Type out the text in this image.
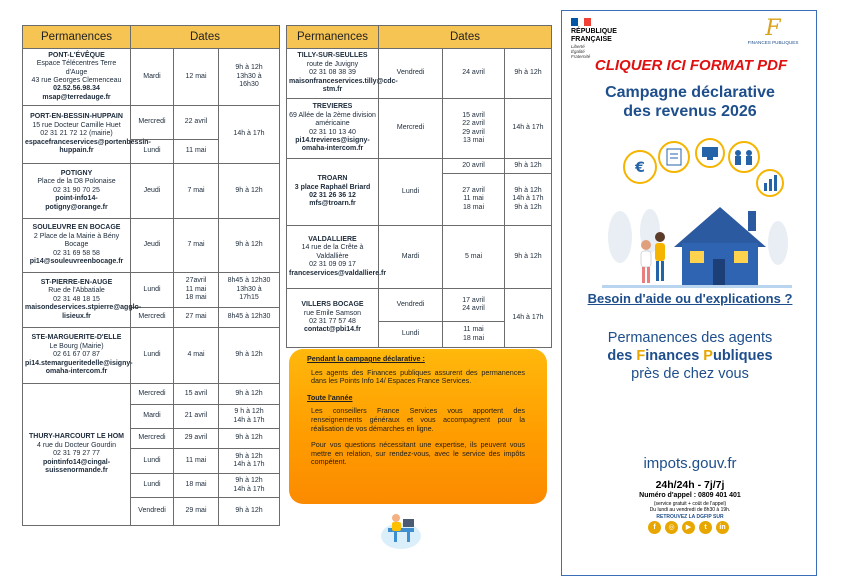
Permanences	Dates		

PONT-L'ÉVÊQUE
Espace Télécentres Terre d'Auge
43 rue Georges Clemenceau
02.52.56.98.34
msap@terredauge.fr	Mardi	12 mai	9h à 12h
13h30 à
16h30

PORT-EN-BESSIN-HUPPAIN
15 rue Docteur Camille Huet
02 31 21 72 12 (mairie)
espacefranceservices@portenbessin-huppain.fr	Mercredi	22 avril	14h à 17h
	Lundi	11 mai	

POTIGNY
Place de la D8 Polonaise
02 31 90 70 25
point-info14-potigny@orange.fr	Jeudi	7 mai	9h à 12h

SOULEUVRE EN BOCAGE
2 Place de la Mairie à Bény Bocage
02 31 69 58 58
pi14@souleuvreenbocage.fr	Jeudi	7 mai	9h à 12h

ST-PIERRE-EN-AUGE
Rue de l'Abbatiale
02 31 48 18 15
maisondeservices.stpierre@agglo-lisieux.fr	Lundi	27avril
11 mai
18 mai	8h45 à 12h30
13h30 à
17h15

	Mercredi	27 mai	8h45 à 12h30

STE-MARGUERITE-D'ELLE
Le Bourg (Mairie)
02 61 67 07 87
pi14.stemargueritedelle@isigny-omaha-intercom.fr	Lundi	4 mai	9h à 12h

THURY-HARCOURT LE HOM
4 rue du Docteur Gourdin
02 31 79 27 77
pointinfo14@cingal-suissenormande.fr	Mercredi	15 avril	9h à 12h
	Mardi	21 avril	9 h à 12h
14h à 17h

	Mercredi	29 avril	9h à 12h
	Lundi	11 mai	9h à 12h
14h à 17h

	Lundi	18 mai	9h à 12h
14h à 17h

	Vendredi	29 mai	9h à 12h
Permanences	Dates		

TILLY-SUR-SEULLES
route de Juvigny
02 31 08 38 39
maisonfranceservices.tilly@cdc-stm.fr	Vendredi	24 avril	9h à 12h

TREVIERES
69 Allée de la 2ème division américaine
02 31 10 13 40
pi14.trevieres@isigny-omaha-intercom.fr	Mercredi	15 avril
22 avril
29 avril
13 mai	14h à 17h

TROARN
3 place Raphaël Briard
02 31 26 36 12
mfs@troarn.fr	Lundi	20 avril	9h à 12h

		27 avril
11 mai
18 mai	9h à 12h
14h à 17h
9h à 12h

VALDALLIERE
14 rue de la Crête à Valdallière
02 31 09 09 17
franceservices@valdalliere.fr	Mardi	5 mai	9h à 12h

VILLERS BOCAGE
rue Emile Samson
02 31 77 57 48
contact@pbi14.fr	Vendredi	17 avril
24 avril	14h à 17h
	Lundi	11 mai
18 mai	
Pendant la campagne déclarative :

Les agents des Finances publiques assurent des permanences dans les Points Info 14/ Espaces France Services.

Toute l'année

Les conseillers France Services vous apportent des renseignements généraux et vous accompagnent pour la réalisation de vos démarches en ligne.

Pour vos questions nécessitant une expertise, ils peuvent vous mettre en relation, sur rendez-vous, avec le service des impôts compétent.

RÉPUBLIQUE
FRANÇAISE
Liberté
Égalité
Fraternité
F
FINANCES PUBLIQUES
CLIQUER ICI FORMAT PDF
Campagne déclarative
des revenus 2026
€
Besoin d'aide ou d'explications ?
Permanences des agents
des Finances Publiques
près de chez vous
impots.gouv.fr
24h/24h - 7j/7j
Numéro d'appel : 0809 401 401
(service gratuit + coût de l'appel)
Du lundi au vendredi de 8h30 à 19h.
RETROUVEZ LA DGFIP SUR
f	◎	▶	t	in
